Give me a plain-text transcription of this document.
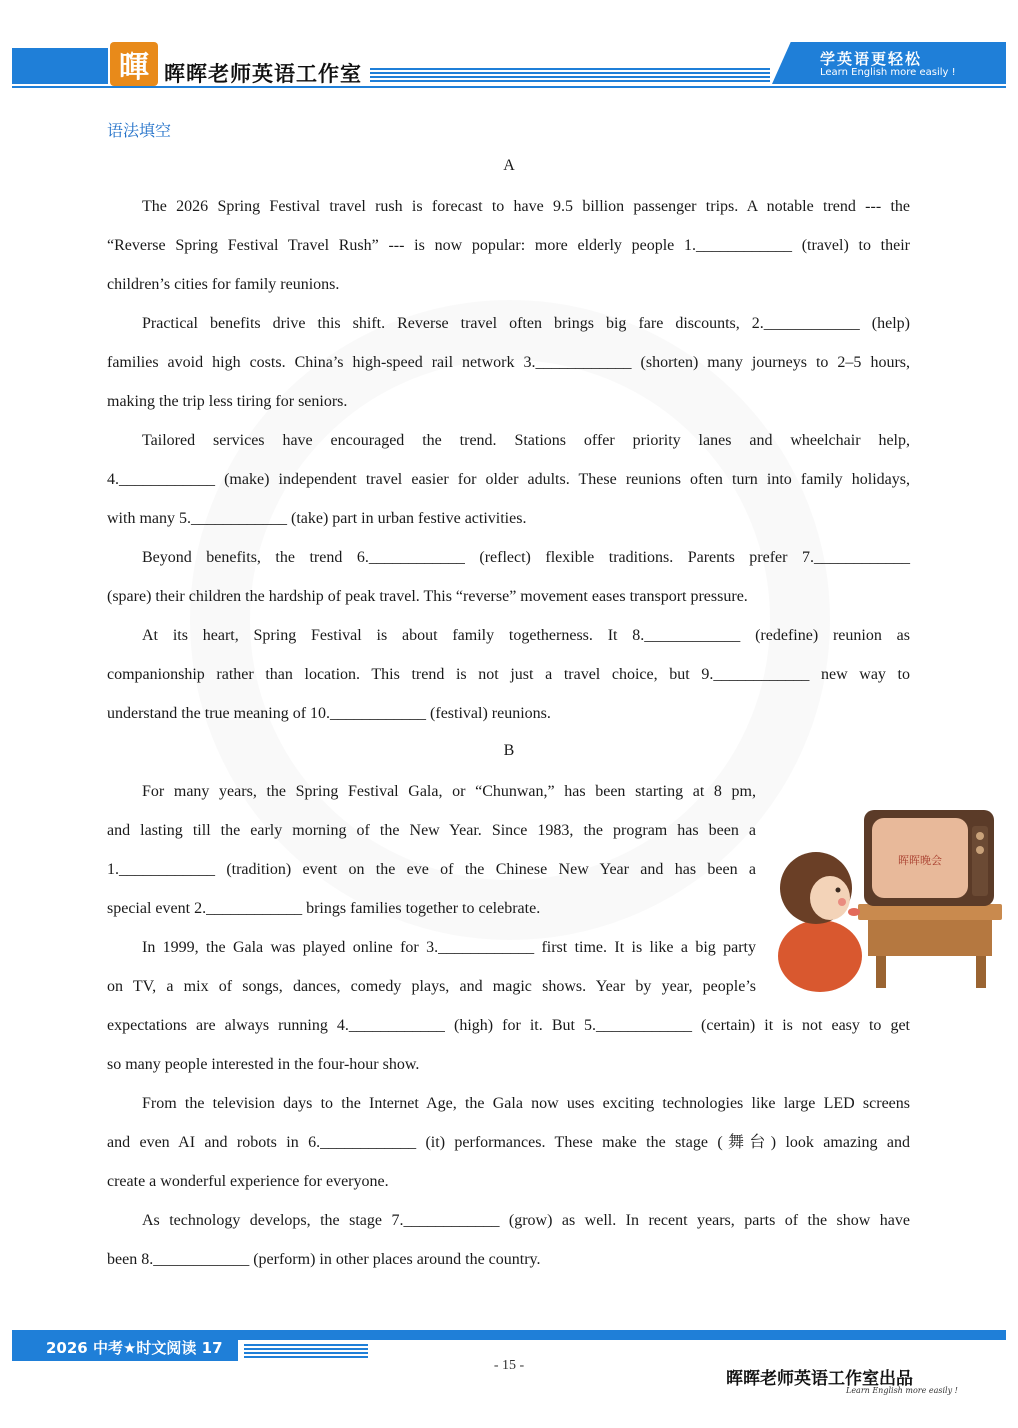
暉 晖晖老师英语工作室
学英语更轻松
Learn English more easily !
语法填空
A
The 2026 Spring Festival travel rush is forecast to have 9.5 billion passenger trips. A notable trend --- the
“Reverse Spring Festival Travel Rush” --- is now popular: more elderly people 1.____________ (travel) to their
children’s cities for family reunions.
Practical benefits drive this shift. Reverse travel often brings big fare discounts, 2.____________ (help)
families avoid high costs. China’s high-speed rail network 3.____________ (shorten) many journeys to 2–5 hours,
making the trip less tiring for seniors.
Tailored services have encouraged the trend. Stations offer priority lanes and wheelchair help,
4.____________ (make) independent travel easier for older adults. These reunions often turn into family holidays,
with many 5.____________ (take) part in urban festive activities.
Beyond benefits, the trend 6.____________ (reflect) flexible traditions. Parents prefer 7.____________
(spare) their children the hardship of peak travel. This “reverse” movement eases transport pressure.
At its heart, Spring Festival is about family togetherness. It 8.____________ (redefine) reunion as
companionship rather than location. This trend is not just a travel choice, but 9.____________ new way to
understand the true meaning of 10.____________ (festival) reunions.
B
For many years, the Spring Festival Gala, or “Chunwan,” has been starting at 8 pm,
and lasting till the early morning of the New Year. Since 1983, the program has been a
1.____________ (tradition) event on the eve of the Chinese New Year and has been a
special event 2.____________ brings families together to celebrate.
In 1999, the Gala was played online for 3.____________ first time. It is like a big party
on TV, a mix of songs, dances, comedy plays, and magic shows. Year by year, people’s
expectations are always running 4.____________ (high) for it. But 5.____________ (certain) it is not easy to get
so many people interested in the four-hour show.
From the television days to the Internet Age, the Gala now uses exciting technologies like large LED screens
and even AI and robots in 6.____________ (it) performances. These make the stage (舞台) look amazing and
create a wonderful experience for everyone.
As technology develops, the stage 7.____________ (grow) as well. In recent years, parts of the show have
been 8.____________ (perform) in other places around the country.
晖晖晚会
2026 中考★时文阅读 17
- 15 -
晖晖老师英语工作室出品
Learn English more easily !
